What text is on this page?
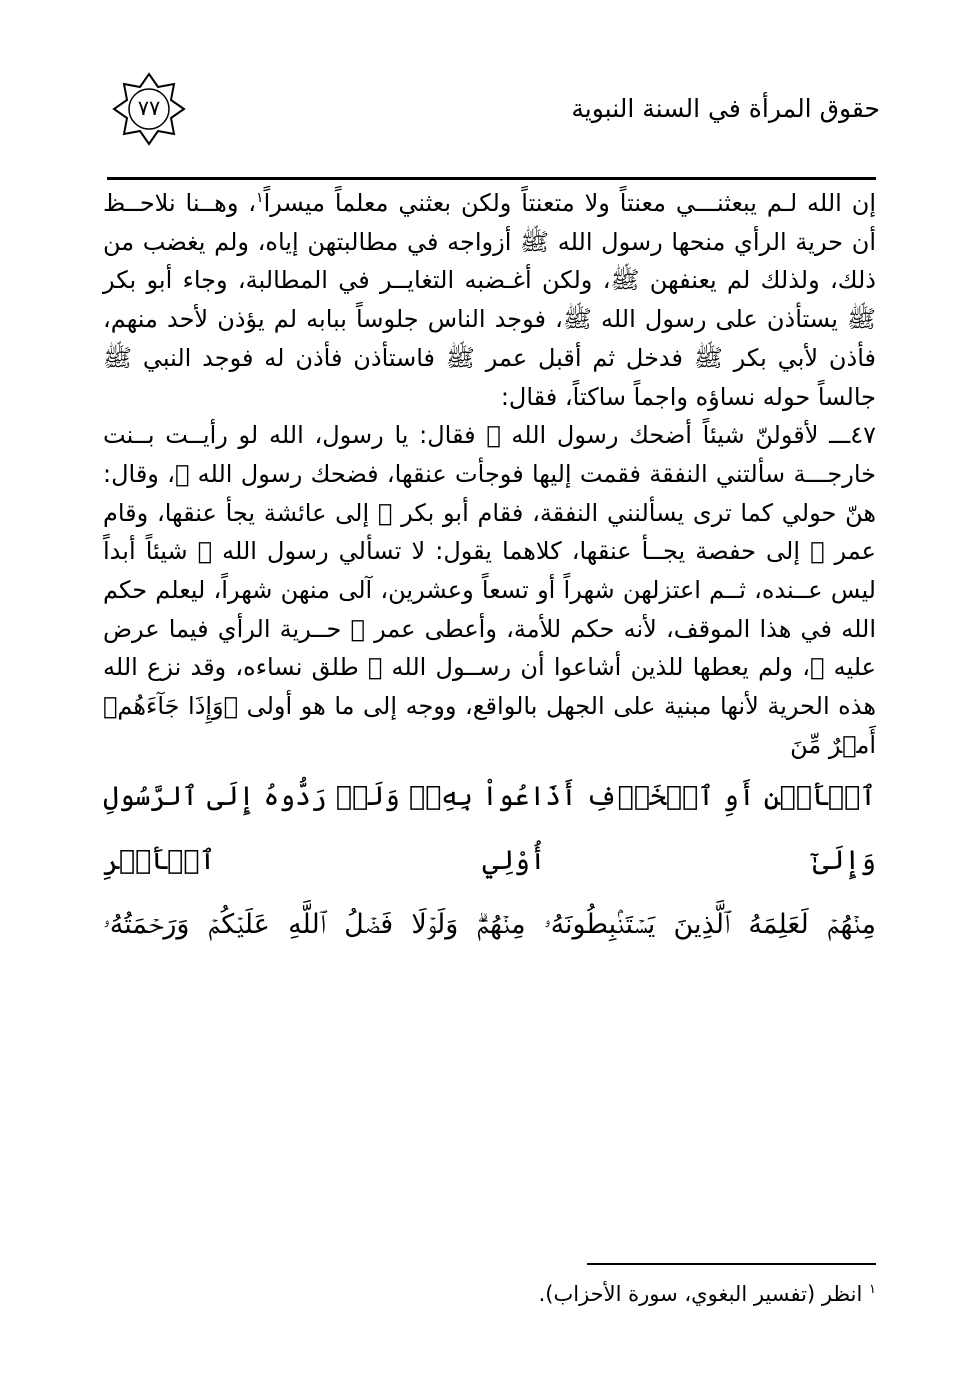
٧٧	حقوق المرأة في السنة النبوية

إن الله لـم يبعثنـــي معنتاً ولا متعنتاً ولكن بعثني معلماً ميسراً$^١$، وهــنا نلاحــظ أن حرية الرأي منحها رسول الله ﷺ أزواجه في مطالبتهن إياه، ولم يغضب من ذلك، ولذلك لم يعنفهن ﷺ، ولكن أغـضبه التغايــر في المطالبة، وجاء أبو بكر ﷺ يستأذن على رسول الله ﷺ، فوجد الناس جلوساً ببابه لم يؤذن لأحد منهم، فأذن لأبي بكر ﷺ فدخل ثم أقبل عمر ﷺ فاستأذن فأذن له فوجد النبي ﷺ جالساً حوله نساؤه واجماً ساكتاً، فقال:

٤٧ـــ لأقولنّ شيئاً أضحك رسول الله ﷺ فقال: يا رسول، الله لو رأيــت بــنت خارجـــة سألتني النفقة فقمت إليها فوجأت عنقها، فضحك رسول الله ﷺ، وقال: هنّ حولي كما ترى يسألنني النفقة، فقام أبو بكر ﷺ إلى عائشة يجأ عنقها، وقام عمر ﷺ إلى حفصة يجــأ عنقها، كلاهما يقول: لا تسألي رسول الله ﷺ شيئاً أبداً ليس عــنده، ثــم اعتزلهن شهراً أو تسعاً وعشرين، آلى منهن شهراً، ليعلم حكم الله في هذا الموقف، لأنه حكم للأمة، وأعطى عمر ﷺ حــرية الرأي فيما عرض عليه ﷺ، ولم يعطها للذين أشاعوا أن رســول الله ﷺ طلق نساءه، وقد نزع الله هذه الحرية لأنها مبنية على الجهل بالواقع، ووجه إلى ما هو أولى ﴿وَإِذَا جَآءَهُمۡ أَمۡرٌ مِّنَ

ٱلۡأَمۡنِ أَوِ ٱلۡخَوۡفِ أَذَاعُواْ بِهِۦۖ وَلَوۡ رَدُّوهُ إِلَى ٱلرَّسُولِ وَإِلَىٰٓ أُوْلِي ٱلۡأَمۡرِ

مِنۡهُمۡ لَعَلِمَهُ ٱلَّذِينَ يَسۡتَنۢبِطُونَهُۥ مِنۡهُمۡۗ وَلَوۡلَا فَضۡلُ ٱللَّهِ عَلَيۡكُمۡ وَرَحۡمَتُهُۥ

$^١$ انظر (تفسير البغوي، سورة الأحزاب).
